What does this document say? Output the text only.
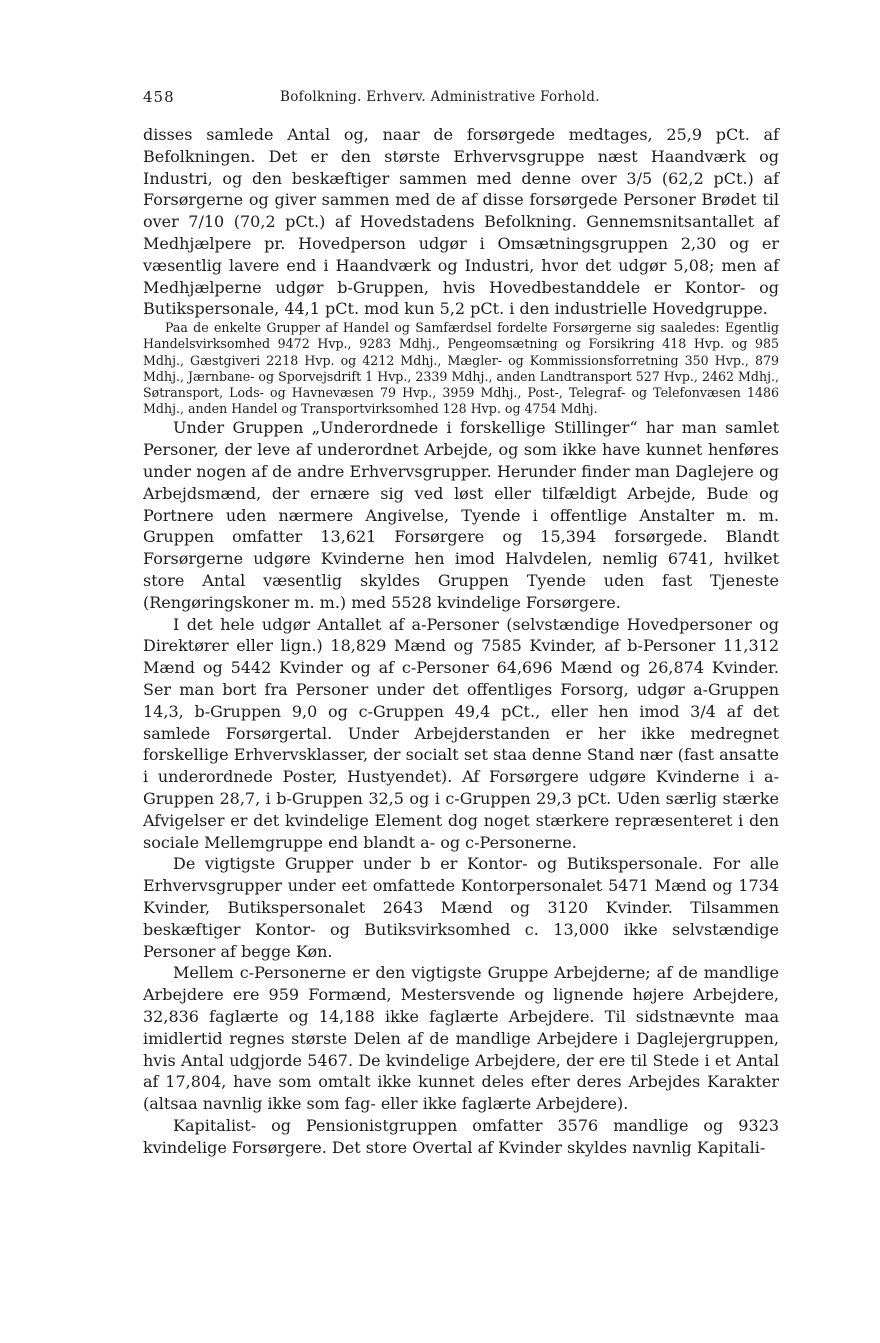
458	Bofolkning. Erhverv. Administrative Forhold.

disses samlede Antal og, naar de forsørgede medtages, 25,9 pCt. af Befolkningen. Det er den største Erhvervsgruppe næst Haandværk og Industri, og den beskæftiger sammen med denne over 3/5 (62,2 pCt.) af Forsørgerne og giver sammen med de af disse forsørgede Personer Brødet til over 7/10 (70,2 pCt.) af Hovedstadens Befolkning. Gennemsnitsantallet af Medhjælpere pr. Hovedperson udgør i Omsætningsgruppen 2,30 og er væsentlig lavere end i Haandværk og Industri, hvor det udgør 5,08; men af Medhjælperne udgør b-Gruppen, hvis Hovedbestanddele er Kontor- og Butikspersonale, 44,1 pCt. mod kun 5,2 pCt. i den industrielle Hovedgruppe.

Paa de enkelte Grupper af Handel og Samfærdsel fordelte Forsørgerne sig saaledes: Egentlig Handelsvirksomhed 9472 Hvp., 9283 Mdhj., Pengeomsætning og Forsikring 418 Hvp. og 985 Mdhj., Gæstgiveri 2218 Hvp. og 4212 Mdhj., Mægler- og Kommissionsforretning 350 Hvp., 879 Mdhj., Jærnbane- og Sporvejsdrift 1 Hvp., 2339 Mdhj., anden Landtransport 527 Hvp., 2462 Mdhj., Søtransport, Lods- og Havnevæsen 79 Hvp., 3959 Mdhj., Post-, Telegraf- og Telefonvæsen 1486 Mdhj., anden Handel og Transportvirksomhed 128 Hvp. og 4754 Mdhj.

Under Gruppen „Underordnede i forskellige Stillinger“ har man samlet Personer, der leve af underordnet Arbejde, og som ikke have kunnet henføres under nogen af de andre Erhvervsgrupper. Herunder finder man Daglejere og Arbejdsmænd, der ernære sig ved løst eller tilfældigt Arbejde, Bude og Portnere uden nærmere Angivelse, Tyende i offentlige Anstalter m. m. Gruppen omfatter 13,621 Forsørgere og 15,394 forsørgede. Blandt Forsørgerne udgøre Kvinderne hen imod Halvdelen, nemlig 6741, hvilket store Antal væsentlig skyldes Gruppen Tyende uden fast Tjeneste (Rengøringskoner m. m.) med 5528 kvindelige Forsørgere.

I det hele udgør Antallet af a-Personer (selvstændige Hovedpersoner og Direktører eller lign.) 18,829 Mænd og 7585 Kvinder, af b-Personer 11,312 Mænd og 5442 Kvinder og af c-Personer 64,696 Mænd og 26,874 Kvinder. Ser man bort fra Personer under det offentliges Forsorg, udgør a-Gruppen 14,3, b-Gruppen 9,0 og c-Gruppen 49,4 pCt., eller hen imod 3/4 af det samlede Forsørgertal. Under Arbejderstanden er her ikke medregnet forskellige Erhvervsklasser, der socialt set staa denne Stand nær (fast ansatte i underordnede Poster, Hustyendet). Af Forsørgere udgøre Kvinderne i a-Gruppen 28,7, i b-Gruppen 32,5 og i c-Gruppen 29,3 pCt. Uden særlig stærke Afvigelser er det kvindelige Element dog noget stærkere repræsenteret i den sociale Mellemgruppe end blandt a- og c-Personerne.

De vigtigste Grupper under b er Kontor- og Butikspersonale. For alle Erhvervsgrupper under eet omfattede Kontorpersonalet 5471 Mænd og 1734 Kvinder, Butikspersonalet 2643 Mænd og 3120 Kvinder. Tilsammen beskæftiger Kontor- og Butiksvirksomhed c. 13,000 ikke selvstændige Personer af begge Køn.

Mellem c-Personerne er den vigtigste Gruppe Arbejderne; af de mandlige Arbejdere ere 959 Formænd, Mestersvende og lignende højere Arbejdere, 32,836 faglærte og 14,188 ikke faglærte Arbejdere. Til sidstnævnte maa imidlertid regnes største Delen af de mandlige Arbejdere i Daglejergruppen, hvis Antal udgjorde 5467. De kvindelige Arbejdere, der ere til Stede i et Antal af 17,804, have som omtalt ikke kunnet deles efter deres Arbejdes Karakter (altsaa navnlig ikke som fag- eller ikke faglærte Arbejdere).

Kapitalist- og Pensionistgruppen omfatter 3576 mandlige og 9323 kvindelige Forsørgere. Det store Overtal af Kvinder skyldes navnlig Kapitali-
